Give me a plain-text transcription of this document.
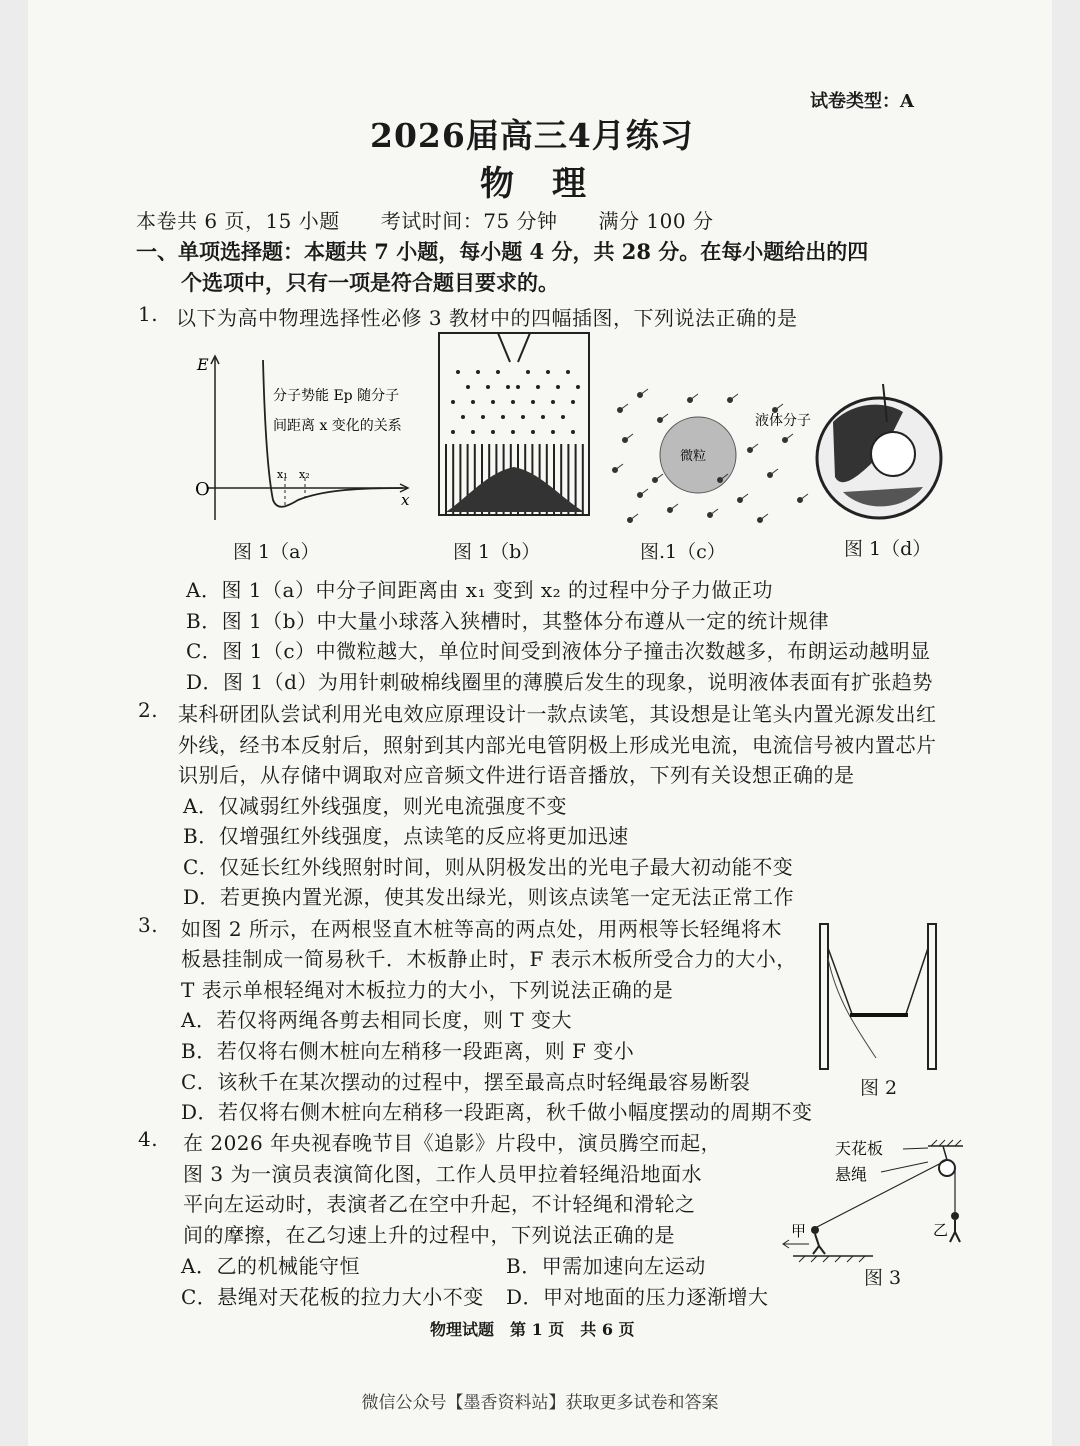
试卷类型：A
2026届高三4月练习
物理
本卷共 6 页，15 小题　　考试时间：75 分钟　　满分 100 分
一、单项选择题：本题共 7 小题，每小题 4 分，共 28 分。在每小题给出的四
个选项中，只有一项是符合题目要求的。
1. 以下为高中物理选择性必修 3 教材中的四幅插图，下列说法正确的是
E
O	x
x₁ x₂
分子势能 Ep 随分子
间距离 x 变化的关系
微粒
液体分子
图 1（a）	图 1（b）	图.1（c）	图 1（d）
A．图 1（a）中分子间距离由 x₁ 变到 x₂ 的过程中分子力做正功
B．图 1（b）中大量小球落入狭槽时，其整体分布遵从一定的统计规律
C．图 1（c）中微粒越大，单位时间受到液体分子撞击次数越多，布朗运动越明显
D．图 1（d）为用针刺破棉线圈里的薄膜后发生的现象，说明液体表面有扩张趋势
2. 某科研团队尝试利用光电效应原理设计一款点读笔，其设想是让笔头内置光源发出红
外线，经书本反射后，照射到其内部光电管阴极上形成光电流，电流信号被内置芯片
识别后，从存储中调取对应音频文件进行语音播放，下列有关设想正确的是
A．仅减弱红外线强度，则光电流强度不变
B．仅增强红外线强度，点读笔的反应将更加迅速
C．仅延长红外线照射时间，则从阴极发出的光电子最大初动能不变
D．若更换内置光源，使其发出绿光，则该点读笔一定无法正常工作
3. 如图 2 所示，在两根竖直木桩等高的两点处，用两根等长轻绳将木
板悬挂制成一简易秋千．木板静止时，F 表示木板所受合力的大小，
T 表示单根轻绳对木板拉力的大小，下列说法正确的是
A．若仅将两绳各剪去相同长度，则 T 变大
B．若仅将右侧木桩向左稍移一段距离，则 F 变小
C．该秋千在某次摆动的过程中，摆至最高点时轻绳最容易断裂
D．若仅将右侧木桩向左稍移一段距离，秋千做小幅度摆动的周期不变
图 2
4. 在 2026 年央视春晚节目《追影》片段中，演员腾空而起，
图 3 为一演员表演简化图，工作人员甲拉着轻绳沿地面水
平向左运动时，表演者乙在空中升起，不计轻绳和滑轮之
间的摩擦，在乙匀速上升的过程中，下列说法正确的是
A．乙的机械能守恒	B．甲需加速向左运动
C．悬绳对天花板的拉力大小不变 D．甲对地面的压力逐渐增大
天花板
悬绳
乙
甲
图 3
物理试题　第 1 页　共 6 页
微信公众号【墨香资料站】获取更多试卷和答案
